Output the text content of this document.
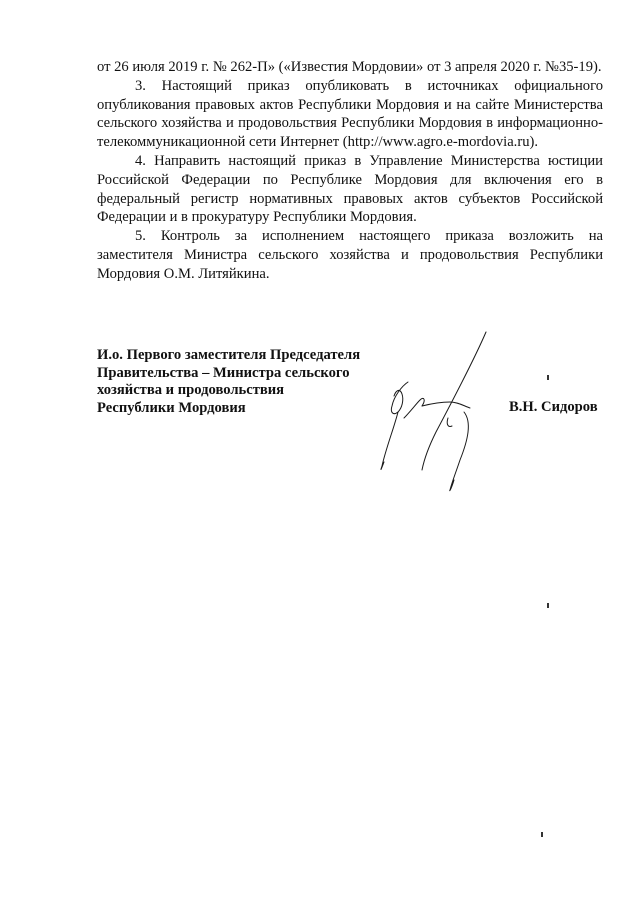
от 26 июля 2019 г. № 262-П» («Известия Мордовии» от 3 апреля 2020 г. №35-19).

3. Настоящий приказ опубликовать в источниках официального опубликования правовых актов Республики Мордовия и на сайте Министерства сельского хозяйства и продовольствия Республики Мордовия в информационно-телекоммуникационной сети Интернет (http://www.agro.e-mordovia.ru).

4. Направить настоящий приказ в Управление Министерства юстиции Российской Федерации по Республике Мордовия для включения его в федеральный регистр нормативных правовых актов субъектов Российской Федерации и в прокуратуру Республики Мордовия.

5. Контроль за исполнением настоящего приказа возложить на заместителя Министра сельского хозяйства и продовольствия Республики Мордовия О.М. Литяйкина.

И.о. Первого заместителя Председателя
Правительства – Министра сельского
хозяйства и продовольствия
Республики Мордовия	В.Н. Сидоров
